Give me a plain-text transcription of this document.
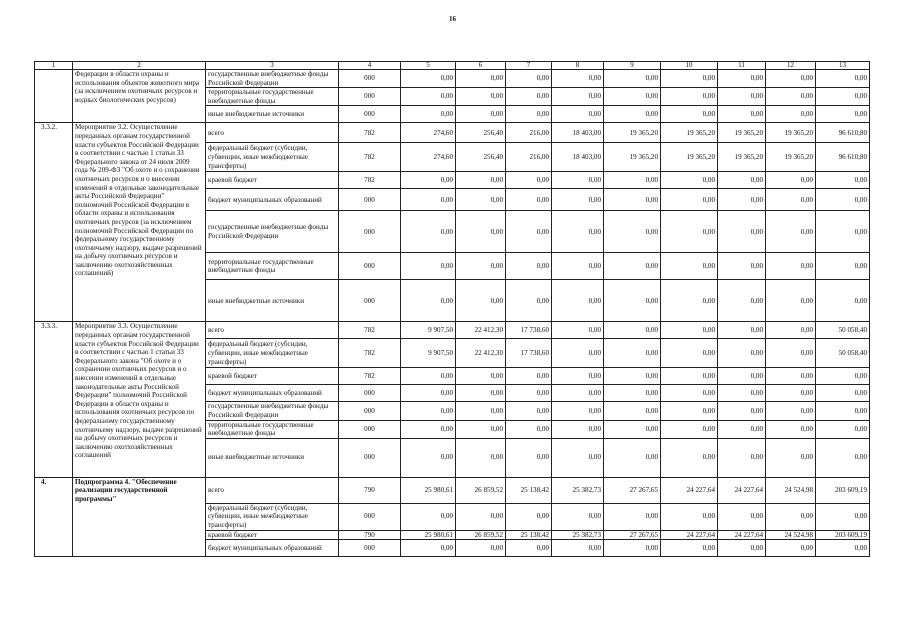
16
1	2	3	4	5	6	7	8	9	10	11	12	13
	Федерации в области охраны и использования объектов животного мира (за исключением охотничьих ресурсов и водных биологических ресурсов)	государственные внебюджетные фонды Российской Федерации	000	0,00	0,00	0,00	0,00	0,00	0,00	0,00	0,00	0,00
		территориальные государственные внебюджетные фонды	000	0,00	0,00	0,00	0,00	0,00	0,00	0,00	0,00	0,00
		иные внебюджетные источники	000	0,00	0,00	0,00	0,00	0,00	0,00	0,00	0,00	0,00
3.3.2.	Мероприятие 3.2. Осуществление переданных органам государственной власти субъектов Российской Федерации в соответствии с частью 1 статьи 33 Федерального закона от 24 июля 2009 года № 209-ФЗ "Об охоте и о сохранении охотничьих ресурсов и о внесении изменений в отдельные законодательные акты Российской Федерации" полномочий Российской Федерации в области охраны и использования охотничьих ресурсов (за исключением полномочий Российской Федерации по федеральному государственному охотничьему надзору, выдаче разрешений на добычу охотничьих ресурсов и заключению охотхозяйственных соглашений)	всего	782	274,60	256,40	216,00	18 403,00	19 365,20	19 365,20	19 365,20	19 365,20	96 610,80
		федеральный бюджет (субсидии, субвенции, иные межбюджетные трансферты)	782	274,60	256,40	216,00	18 403,00	19 365,20	19 365,20	19 365,20	19 365,20	96 610,80
		краевой бюджет	782	0,00	0,00	0,00	0,00	0,00	0,00	0,00	0,00	0,00
		бюджет муниципальных образований	000	0,00	0,00	0,00	0,00	0,00	0,00	0,00	0,00	0,00
		государственные внебюджетные фонды Российской Федерации	000	0,00	0,00	0,00	0,00	0,00	0,00	0,00	0,00	0,00
		территориальные государственные внебюджетные фонды	000	0,00	0,00	0,00	0,00	0,00	0,00	0,00	0,00	0,00
		иные внебюджетные источники	000	0,00	0,00	0,00	0,00	0,00	0,00	0,00	0,00	0,00
3.3.3.	Мероприятие 3.3. Осуществление переданных органам государственной власти субъектов Российской Федерации в соответствии с частью 1 статьи 33 Федерального закона "Об охоте и о сохранении охотничьих ресурсов и о внесении изменений в отдельные законодательные акты Российской Федерации" полномочий Российской Федерации в области охраны и использования охотничьих ресурсов по федеральному государственному охотничьему надзору, выдаче разрешений на добычу охотничьих ресурсов и заключению охотхозяйственных соглашений	всего	782	9 907,50	22 412,30	17 738,60	0,00	0,00	0,00	0,00	0,00	50 058,40
		федеральный бюджет (субсидии, субвенции, иные межбюджетные трансферты)	782	9 907,50	22 412,30	17 738,60	0,00	0,00	0,00	0,00	0,00	50 058,40
		краевой бюджет	782	0,00	0,00	0,00	0,00	0,00	0,00	0,00	0,00	0,00
		бюджет муниципальных образований	000	0,00	0,00	0,00	0,00	0,00	0,00	0,00	0,00	0,00
		государственные внебюджетные фонды Российской Федерации	000	0,00	0,00	0,00	0,00	0,00	0,00	0,00	0,00	0,00
		территориальные государственные внебюджетные фонды	000	0,00	0,00	0,00	0,00	0,00	0,00	0,00	0,00	0,00
		иные внебюджетные источники	000	0,00	0,00	0,00	0,00	0,00	0,00	0,00	0,00	0,00
4.	Подпрограмма 4. "Обеспечение реализации государственной программы"	всего	790	25 980,61	26 859,52	25 138,42	25 382,73	27 267,65	24 227,64	24 227,64	24 524,98	203 609,19
		федеральный бюджет (субсидии, субвенции, иные межбюджетные трансферты)	000	0,00	0,00	0,00	0,00	0,00	0,00	0,00	0,00	0,00
		краевой бюджет	790	25 980,61	26 859,52	25 138,42	25 382,73	27 267,65	24 227,64	24 227,64	24 524,98	203 609,19
		бюджет муниципальных образований	000	0,00	0,00	0,00	0,00	0,00	0,00	0,00	0,00	0,00
